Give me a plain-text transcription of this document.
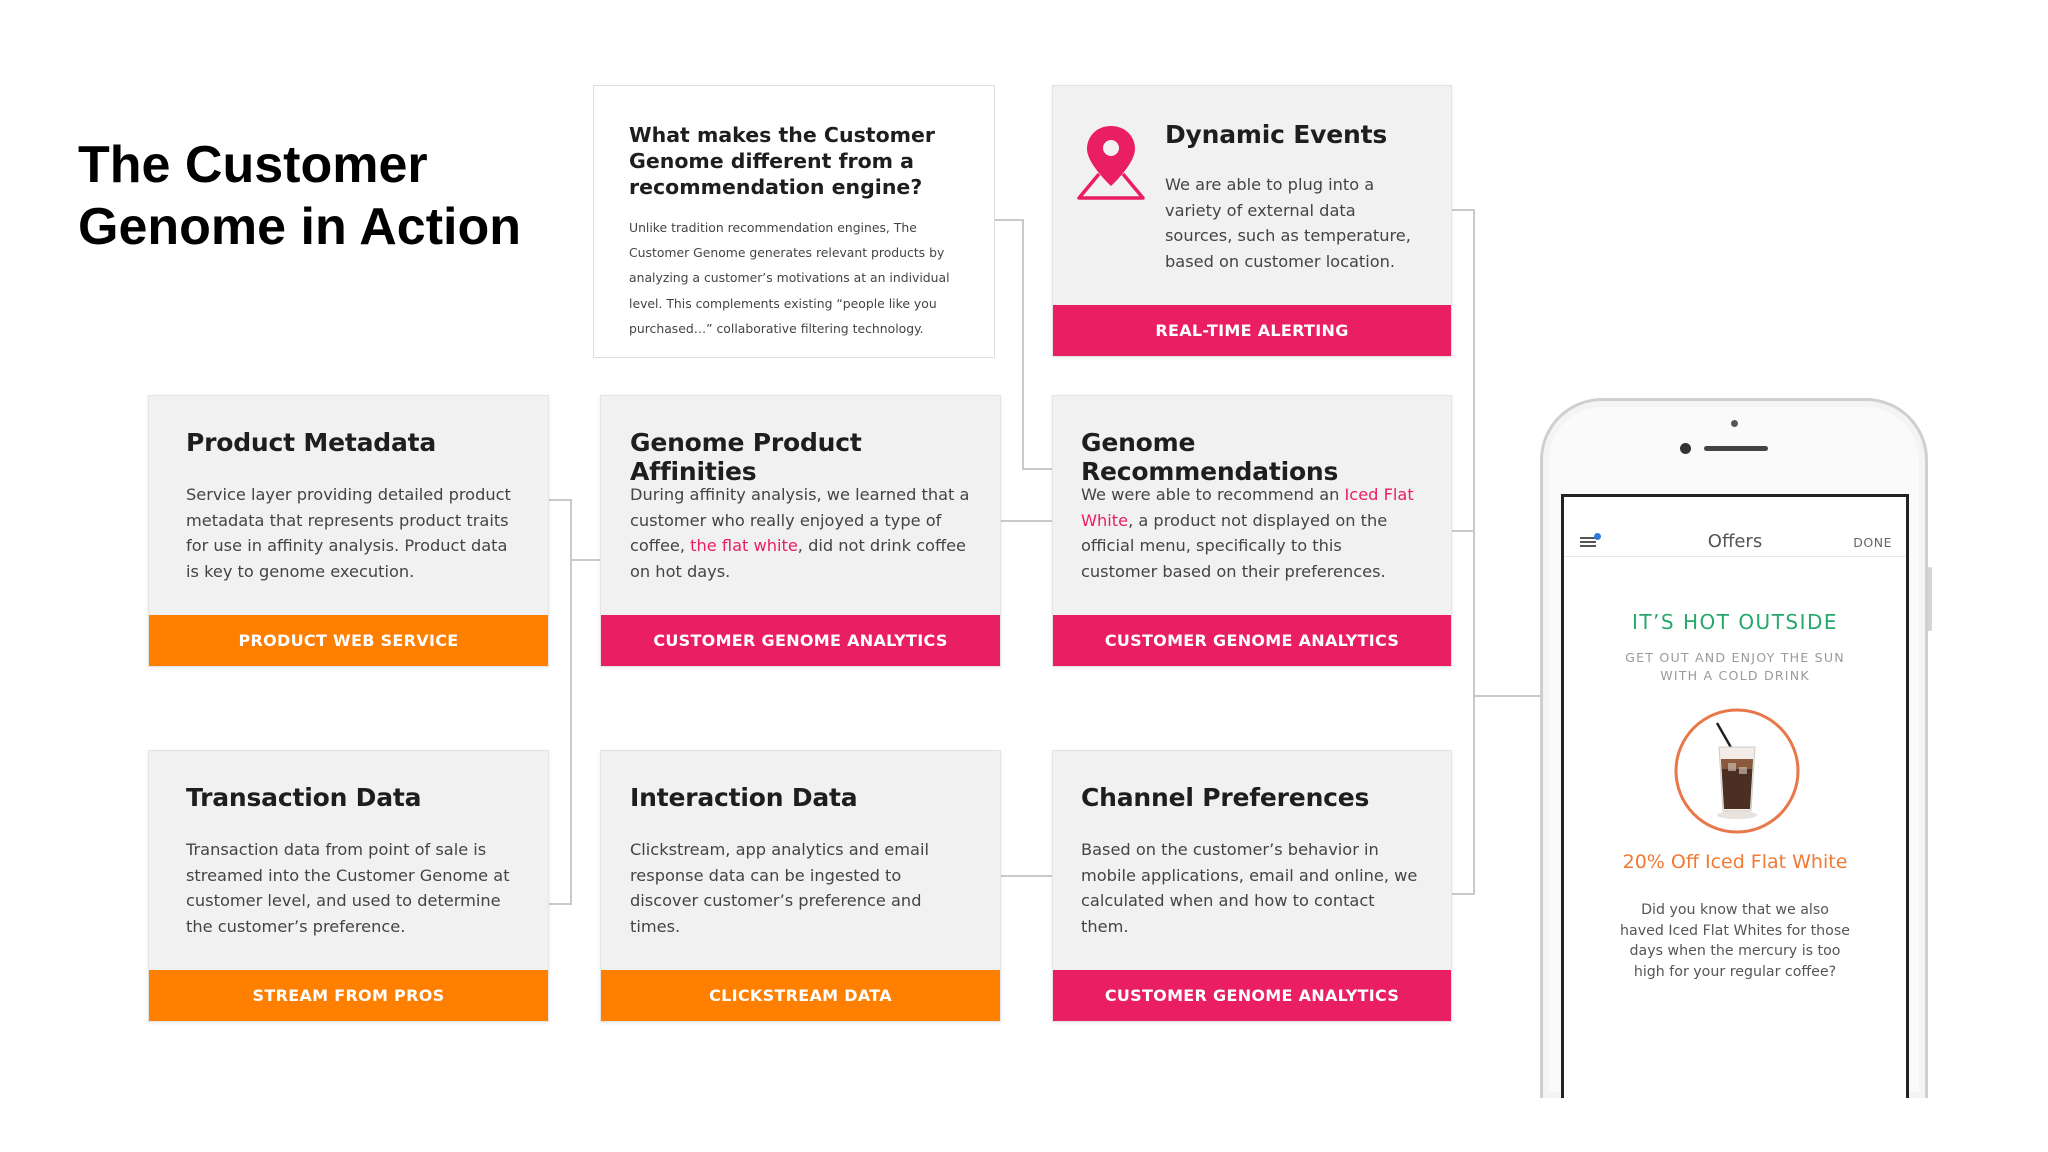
The Customer Genome in Action
What makes the Customer Genome different from a recommendation engine?
Unlike tradition recommendation engines, The Customer Genome generates relevant products by analyzing a customer’s motivations at an individual level. This complements existing “people like you purchased…” collaborative filtering technology.
Dynamic Events
We are able to plug into a variety of external data sources, such as temperature, based on customer location.
REAL-TIME ALERTING
Product Metadata
Service layer providing detailed product metadata that represents product traits for use in affinity analysis. Product data is key to genome execution.
PRODUCT WEB SERVICE
Genome Product Affinities
During affinity analysis, we learned that a customer who really enjoyed a type of coffee, the flat white, did not drink coffee on hot days.
CUSTOMER GENOME ANALYTICS
Genome Recommendations
We were able to recommend an Iced Flat White, a product not displayed on the official menu, specifically to this customer based on their preferences.
CUSTOMER GENOME ANALYTICS
Transaction Data
Transaction data from point of sale is streamed into the Customer Genome at customer level, and used to determine the customer’s preference.
STREAM FROM PROS
Interaction Data
Clickstream, app analytics and email response data can be ingested to discover customer’s preference and times.
CLICKSTREAM DATA
Channel Preferences
Based on the customer’s behavior in mobile applications, email and online, we calculated when and how to contact them.
CUSTOMER GENOME ANALYTICS
Offers	DONE
IT’S HOT OUTSIDE
GET OUT AND ENJOY THE SUN WITH A COLD DRINK
20% Off Iced Flat White
Did you know that we also haved Iced Flat Whites for those days when the mercury is too high for your regular coffee?
